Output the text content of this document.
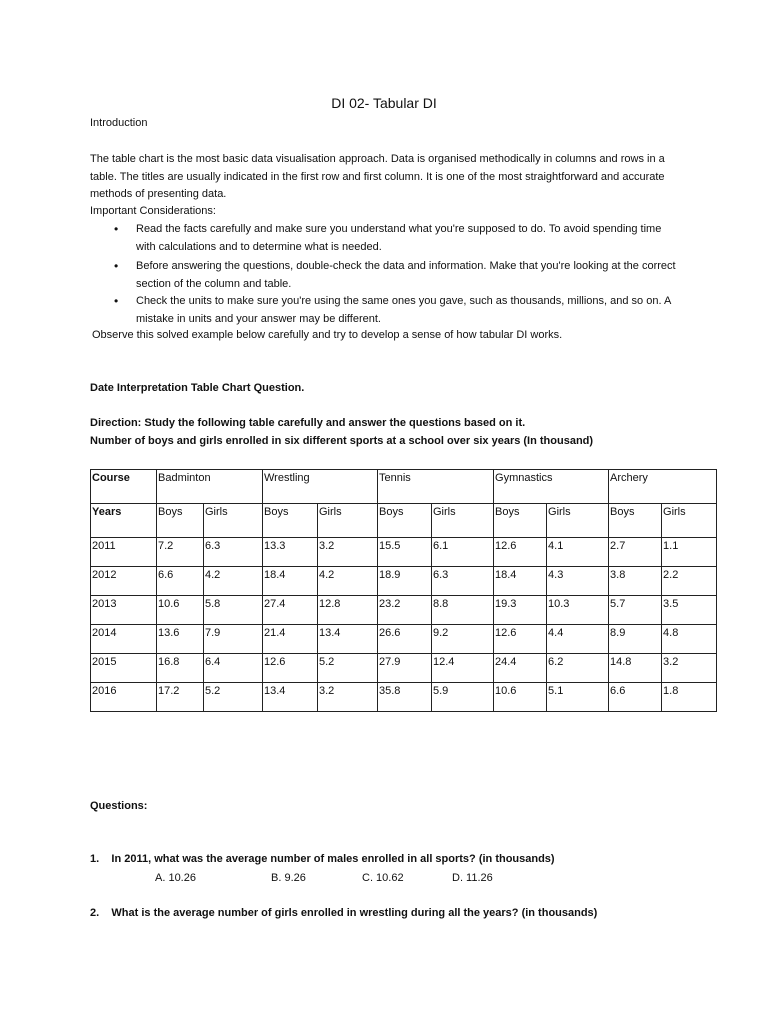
DI 02- Tabular DI
Introduction
The table chart is the most basic data visualisation approach. Data is organised methodically in columns and rows in a table. The titles are usually indicated in the first row and first column. It is one of the most straightforward and accurate methods of presenting data.
Important Considerations:
• Read the facts carefully and make sure you understand what you're supposed to do. To avoid spending time with calculations and to determine what is needed.
• Before answering the questions, double-check the data and information. Make that you're looking at the correct section of the column and table.
• Check the units to make sure you're using the same ones you gave, such as thousands, millions, and so on. A mistake in units and your answer may be different.
Observe this solved example below carefully and try to develop a sense of how tabular DI works.
Date Interpretation Table Chart Question.
Direction: Study the following table carefully and answer the questions based on it.
Number of boys and girls enrolled in six different sports at a school over six years (In thousand)
Course	Badminton		Wrestling		Tennis		Gymnastics		Archery	
Years	Boys	Girls	Boys	Girls	Boys	Girls	Boys	Girls	Boys	Girls
2011	7.2	6.3	13.3	3.2	15.5	6.1	12.6	4.1	2.7	1.1
2012	6.6	4.2	18.4	4.2	18.9	6.3	18.4	4.3	3.8	2.2
2013	10.6	5.8	27.4	12.8	23.2	8.8	19.3	10.3	5.7	3.5
2014	13.6	7.9	21.4	13.4	26.6	9.2	12.6	4.4	8.9	4.8
2015	16.8	6.4	12.6	5.2	27.9	12.4	24.4	6.2	14.8	3.2
2016	17.2	5.2	13.4	3.2	35.8	5.9	10.6	5.1	6.6	1.8
Questions:
1. In 2011, what was the average number of males enrolled in all sports? (in thousands)
A. 10.26	B. 9.26	C. 10.62	D. 11.26
2. What is the average number of girls enrolled in wrestling during all the years? (in thousands)
